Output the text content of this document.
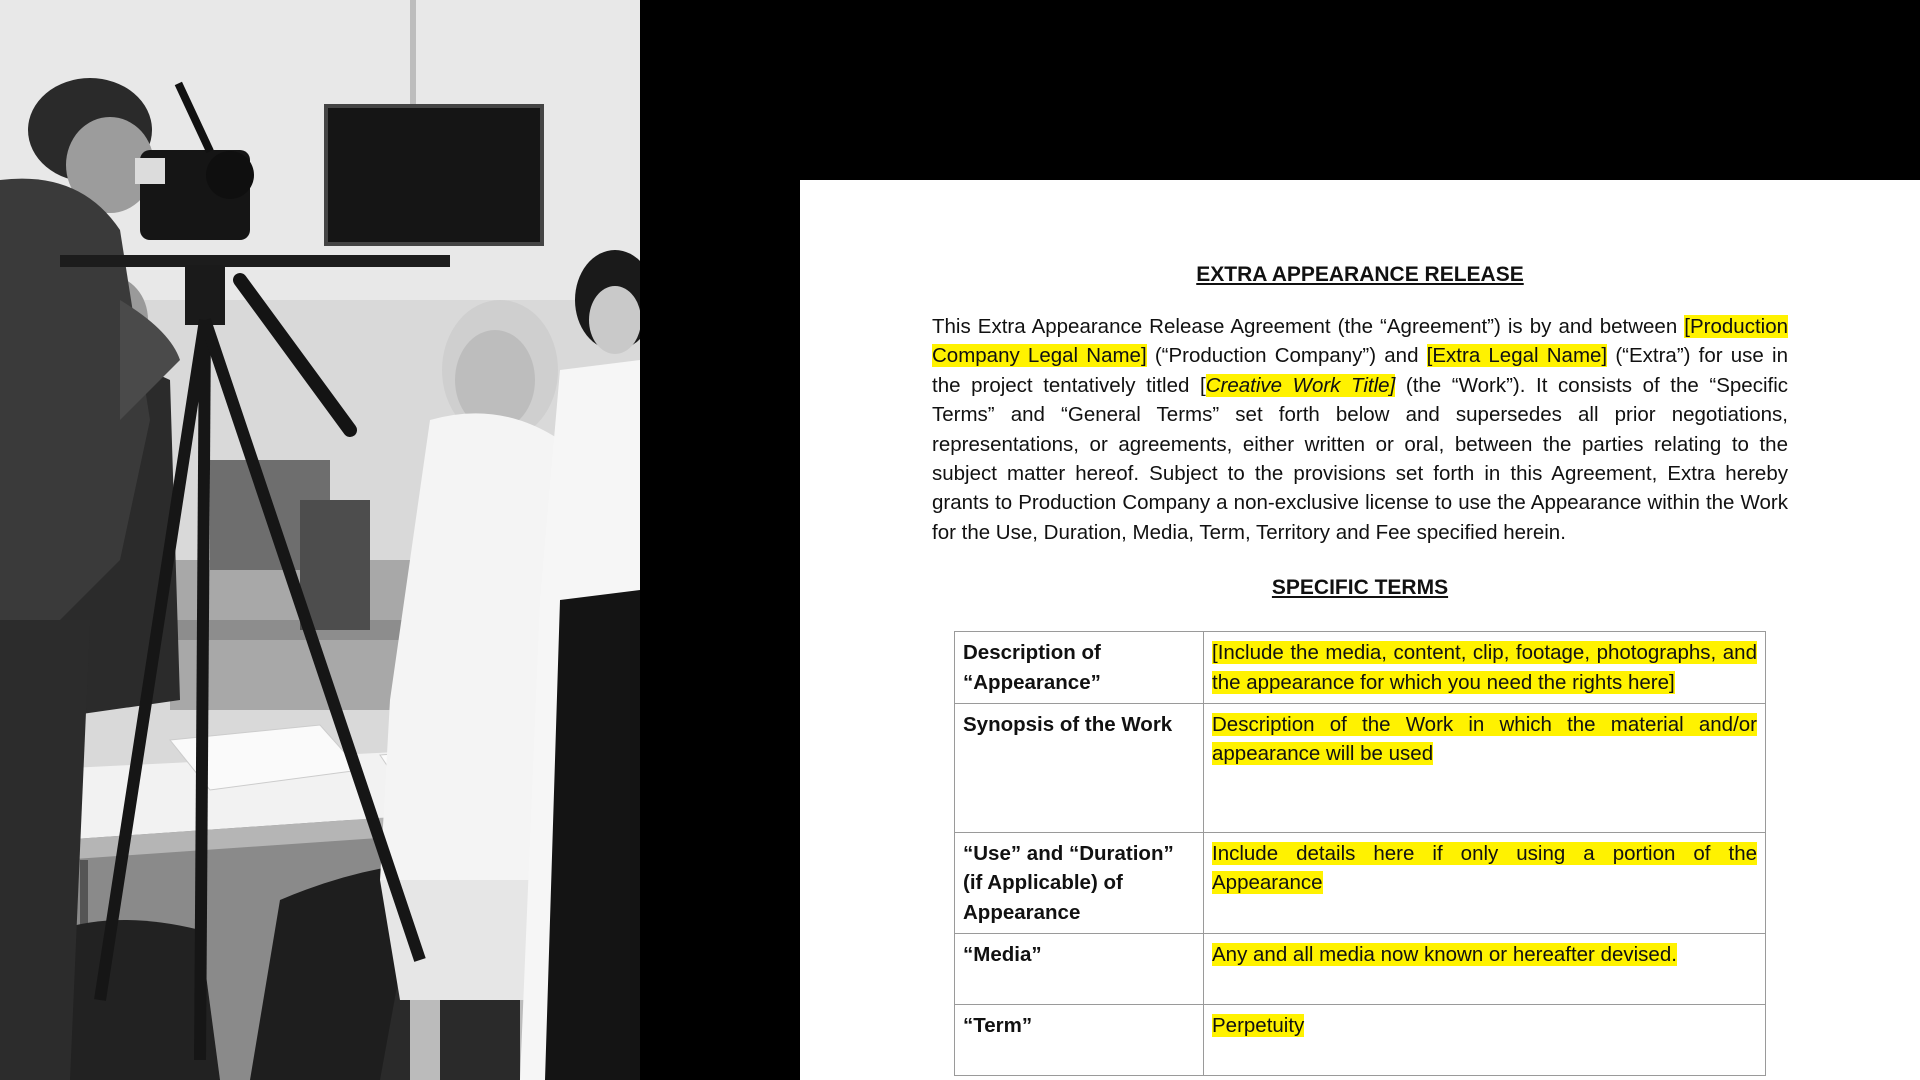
EXTRA APPEARANCE RELEASE

This Extra Appearance Release Agreement (the “Agreement”) is by and between [Production Company Legal Name] (“Production Company”) and [Extra Legal Name] (“Extra”) for use in the project tentatively titled [Creative Work Title] (the “Work”). It consists of the “Specific Terms” and “General Terms” set forth below and supersedes all prior negotiations, representations, or agreements, either written or oral, between the parties relating to the subject matter hereof. Subject to the provisions set forth in this Agreement, Extra hereby grants to Production Company a non-exclusive license to use the Appearance within the Work for the Use, Duration, Media, Term, Territory and Fee specified herein.

SPECIFIC TERMS
Description of “Appearance”	[Include the media, content, clip, footage, photographs, and the appearance for which you need the rights here]
Synopsis of the Work	Description of the Work in which the material and/or appearance will be used
“Use” and “Duration” (if Applicable) of Appearance	Include details here if only using a portion of the Appearance
“Media”	Any and all media now known or hereafter devised.
“Term”	Perpetuity
